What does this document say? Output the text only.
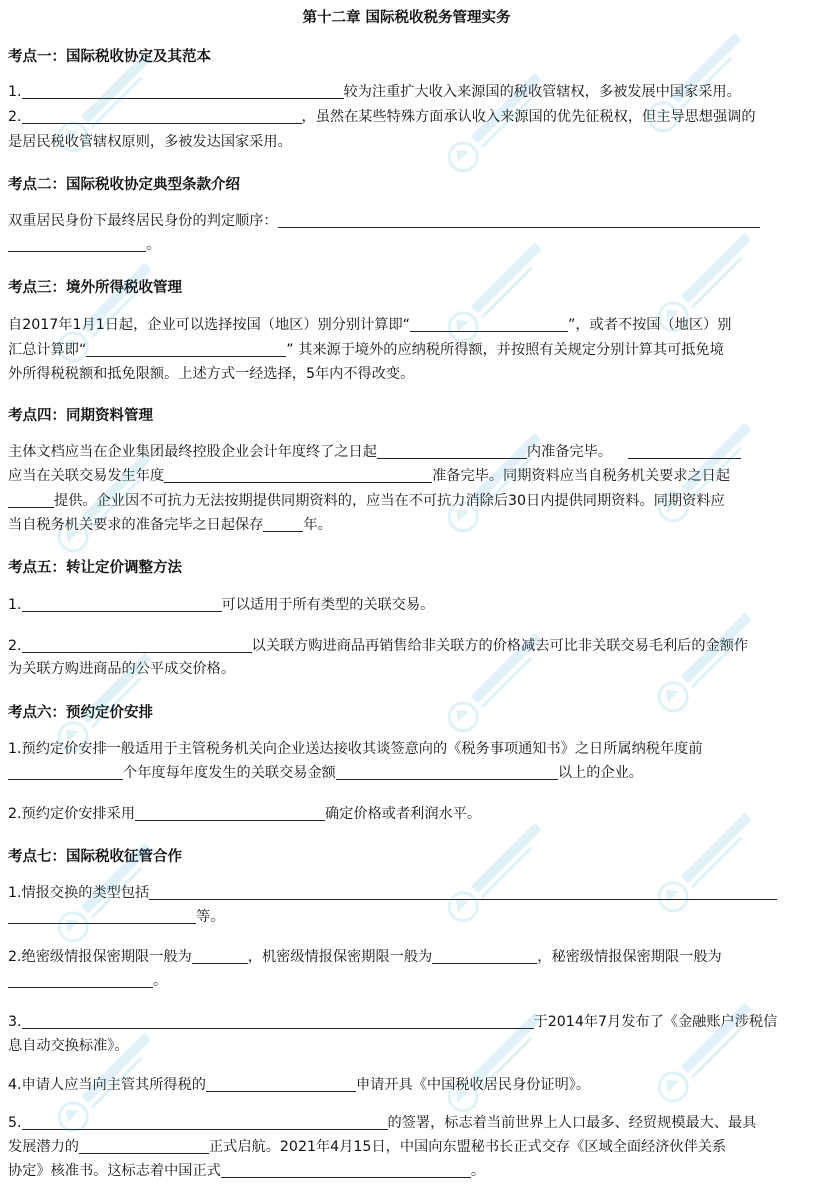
第十二章 国际税收税务管理实务
考点一：国际税收协定及其范本
1.	较为注重扩大收入来源国的税收管辖权，多被发展中国家采用。
2.	，虽然在某些特殊方面承认收入来源国的优先征税权，但主导思想强调的
是居民税收管辖权原则，多被发达国家采用。
考点二：国际税收协定典型条款介绍
双重居民身份下最终居民身份的判定顺序：
。
考点三：境外所得税收管理
自2017年1月1日起，企业可以选择按国（地区）别分别计算即“	”，或者不按国（地区）别
汇总计算即“	” 其来源于境外的应纳税所得额，并按照有关规定分别计算其可抵免境
外所得税税额和抵免限额。上述方式一经选择，5年内不得改变。
考点四：同期资料管理
主体文档应当在企业集团最终控股企业会计年度终了之日起	内准备完毕。
应当在关联交易发生年度	准备完毕。同期资料应当自税务机关要求之日起
提供。企业因不可抗力无法按期提供同期资料的，应当在不可抗力消除后30日内提供同期资料。同期资料应
当自税务机关要求的准备完毕之日起保存	年。
考点五：转让定价调整方法
1.	可以适用于所有类型的关联交易。
2.	以关联方购进商品再销售给非关联方的价格减去可比非关联交易毛利后的金额作
为关联方购进商品的公平成交价格。
考点六：预约定价安排
1.预约定价安排一般适用于主管税务机关向企业送达接收其谈签意向的《税务事项通知书》之日所属纳税年度前
个年度每年度发生的关联交易金额	以上的企业。
2.预约定价安排采用	确定价格或者利润水平。
考点七：国际税收征管合作
1.情报交换的类型包括
等。
2.绝密级情报保密期限一般为	，机密级情报保密期限一般为	，秘密级情报保密期限一般为
。
3.	于2014年7月发布了《金融账户涉税信
息自动交换标准》。
4.申请人应当向主管其所得税的	申请开具《中国税收居民身份证明》。
5.	的签署，标志着当前世界上人口最多、经贸规模最大、最具
发展潜力的	正式启航。2021年4月15日，中国向东盟秘书长正式交存《区域全面经济伙伴关系
协定》核准书。这标志着中国正式	。
